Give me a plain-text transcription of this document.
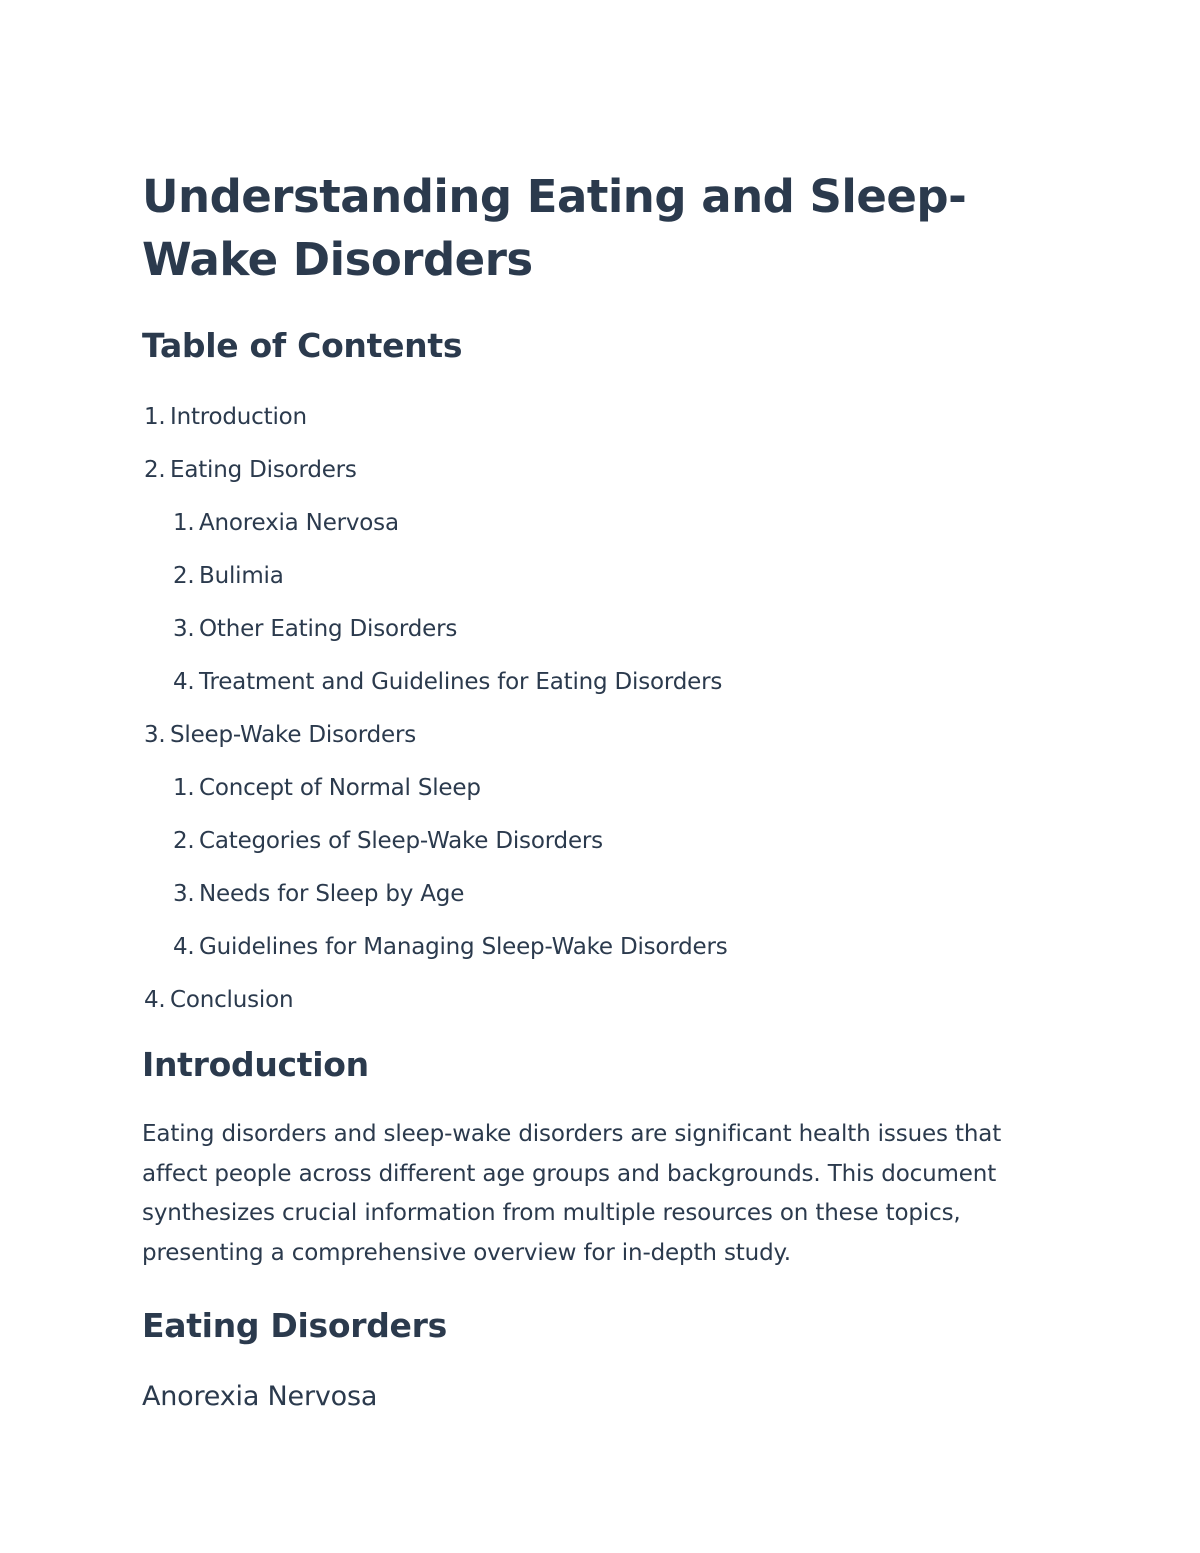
Understanding Eating and Sleep-Wake Disorders
Table of Contents
1. Introduction
2. Eating Disorders
1. Anorexia Nervosa
2. Bulimia
3. Other Eating Disorders
4. Treatment and Guidelines for Eating Disorders
3. Sleep-Wake Disorders
1. Concept of Normal Sleep
2. Categories of Sleep-Wake Disorders
3. Needs for Sleep by Age
4. Guidelines for Managing Sleep-Wake Disorders
4. Conclusion
Introduction

Eating disorders and sleep-wake disorders are significant health issues that affect people across different age groups and backgrounds. This document synthesizes crucial information from multiple resources on these topics, presenting a comprehensive overview for in-depth study.

Eating Disorders
Anorexia Nervosa
